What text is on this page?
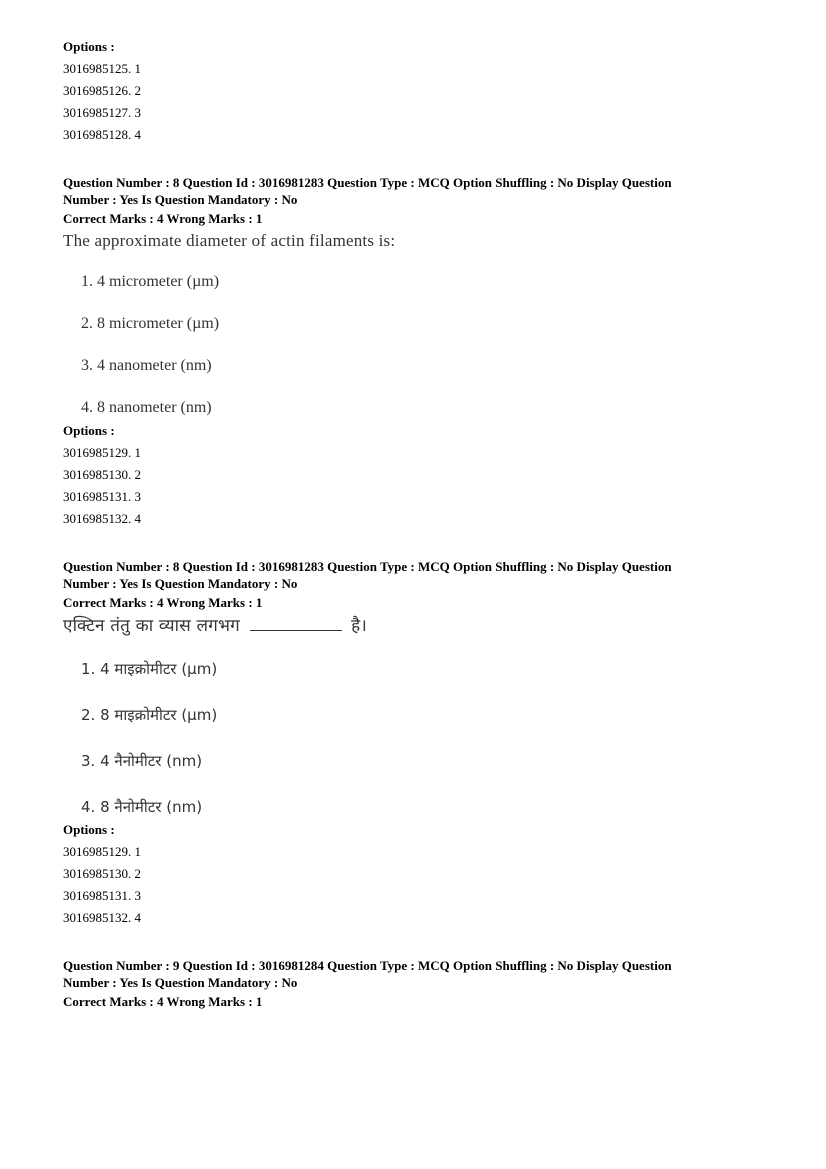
Options :
3016985125. 1
3016985126. 2
3016985127. 3
3016985128. 4
Question Number : 8 Question Id : 3016981283 Question Type : MCQ Option Shuffling : No Display Question
Number : Yes Is Question Mandatory : No
Correct Marks : 4 Wrong Marks : 1
The approximate diameter of actin filaments is:
1. 4 micrometer (µm)
2. 8 micrometer (µm)
3. 4 nanometer (nm)
4. 8 nanometer (nm)
Options :
3016985129. 1
3016985130. 2
3016985131. 3
3016985132. 4
Question Number : 8 Question Id : 3016981283 Question Type : MCQ Option Shuffling : No Display Question
Number : Yes Is Question Mandatory : No
Correct Marks : 4 Wrong Marks : 1
एक्टिन तंतु का व्यास लगभग	है।
1. 4 माइक्रोमीटर (µm)
2. 8 माइक्रोमीटर (µm)
3. 4 नैनोमीटर (nm)
4. 8 नैनोमीटर (nm)
Options :
3016985129. 1
3016985130. 2
3016985131. 3
3016985132. 4
Question Number : 9 Question Id : 3016981284 Question Type : MCQ Option Shuffling : No Display Question
Number : Yes Is Question Mandatory : No
Correct Marks : 4 Wrong Marks : 1
